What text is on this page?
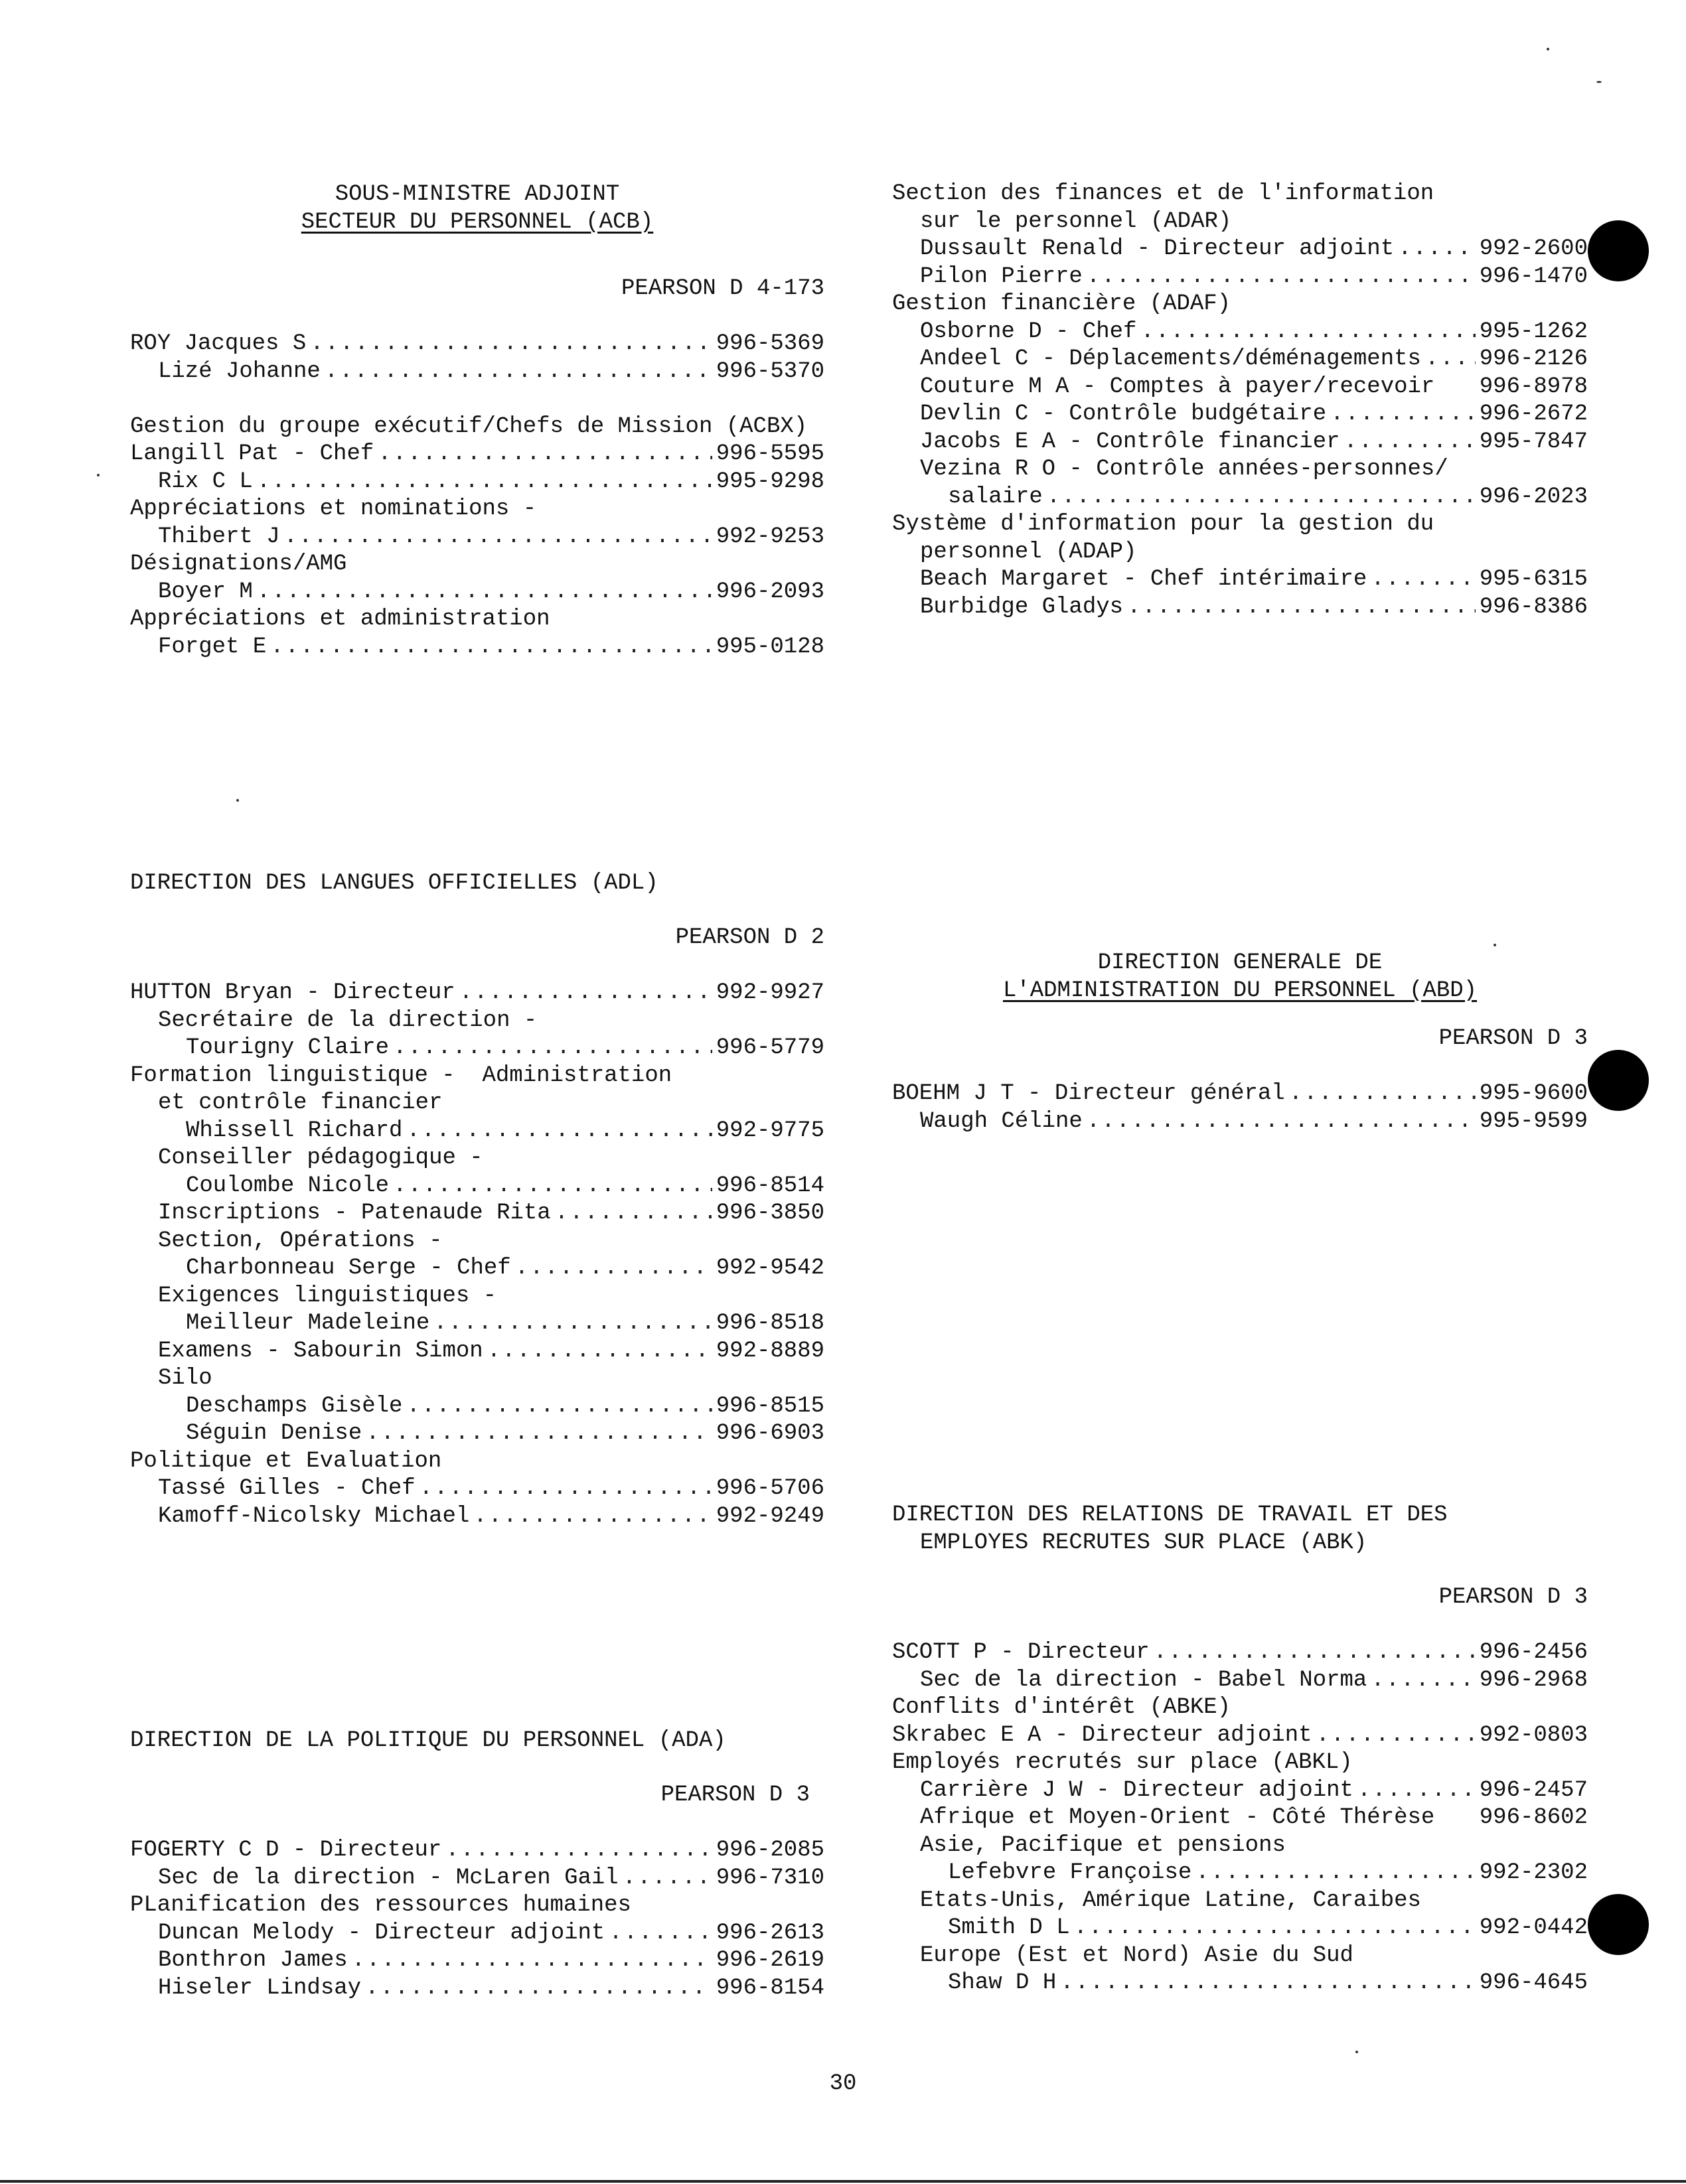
SOUS-MINISTRE ADJOINT
SECTEUR DU PERSONNEL (ACB)
PEARSON D 4-173
ROY Jacques S .....	996-5369
Lizé Johanne .....	996-5370
Gestion du groupe exécutif/Chefs de Mission (ACBX)
Langill Pat - Chef .....	996-5595
Rix C L .....	995-9298
Appréciations et nominations -
Thibert J .....	992-9253
Désignations/AMG
Boyer M .....	996-2093
Appréciations et administration
Forget E .....	995-0128
DIRECTION DES LANGUES OFFICIELLES (ADL)
PEARSON D 2
HUTTON Bryan - Directeur .....	992-9927
Secrétaire de la direction -
Tourigny Claire .....	996-5779
Formation linguistique -  Administration
et contrôle financier
Whissell Richard .....	992-9775
Conseiller pédagogique -
Coulombe Nicole .....	996-8514
Inscriptions - Patenaude Rita .....	996-3850
Section, Opérations -
Charbonneau Serge - Chef .....	992-9542
Exigences linguistiques -
Meilleur Madeleine .....	996-8518
Examens - Sabourin Simon .....	992-8889
Silo
Deschamps Gisèle .....	996-8515
Séguin Denise .....	996-6903
Politique et Evaluation
Tassé Gilles - Chef .....	996-5706
Kamoff-Nicolsky Michael .....	992-9249
DIRECTION DE LA POLITIQUE DU PERSONNEL (ADA)
PEARSON D 3
FOGERTY C D - Directeur .....	996-2085
Sec de la direction - McLaren Gail .....	996-7310
PLanification des ressources humaines
Duncan Melody - Directeur adjoint .....	996-2613
Bonthron James .....	996-2619
Hiseler Lindsay .....	996-8154
Section des finances et de l'information
sur le personnel (ADAR)
Dussault Renald - Directeur adjoint .....	992-2600
Pilon Pierre .....	996-1470
Gestion financière (ADAF)
Osborne D - Chef .....	995-1262
Andeel C - Déplacements/déménagements .....	996-2126
Couture M A - Comptes à payer/recevoir 996-8978
Devlin C - Contrôle budgétaire .....	996-2672
Jacobs E A - Contrôle financier .....	995-7847
Vezina R O - Contrôle années-personnes/
salaire .....	996-2023
Système d'information pour la gestion du
personnel (ADAP)
Beach Margaret - Chef intérimaire .....	995-6315
Burbidge Gladys .....	996-8386
DIRECTION GENERALE DE
L'ADMINISTRATION DU PERSONNEL (ABD)
PEARSON D 3
BOEHM J T - Directeur général .....	995-9600
Waugh Céline .....	995-9599
DIRECTION DES RELATIONS DE TRAVAIL ET DES
EMPLOYES RECRUTES SUR PLACE (ABK)
PEARSON D 3
SCOTT P - Directeur .....	996-2456
Sec de la direction - Babel Norma .....	996-2968
Conflits d'intérêt (ABKE)
Skrabec E A - Directeur adjoint .....	992-0803
Employés recrutés sur place (ABKL)
Carrière J W - Directeur adjoint .....	996-2457
Afrique et Moyen-Orient - Côté Thérèse 996-8602
Asie, Pacifique et pensions
Lefebvre Françoise .....	992-2302
Etats-Unis, Amérique Latine, Caraibes
Smith D L .....	992-0442
Europe (Est et Nord) Asie du Sud
Shaw D H .....	996-4645
30
